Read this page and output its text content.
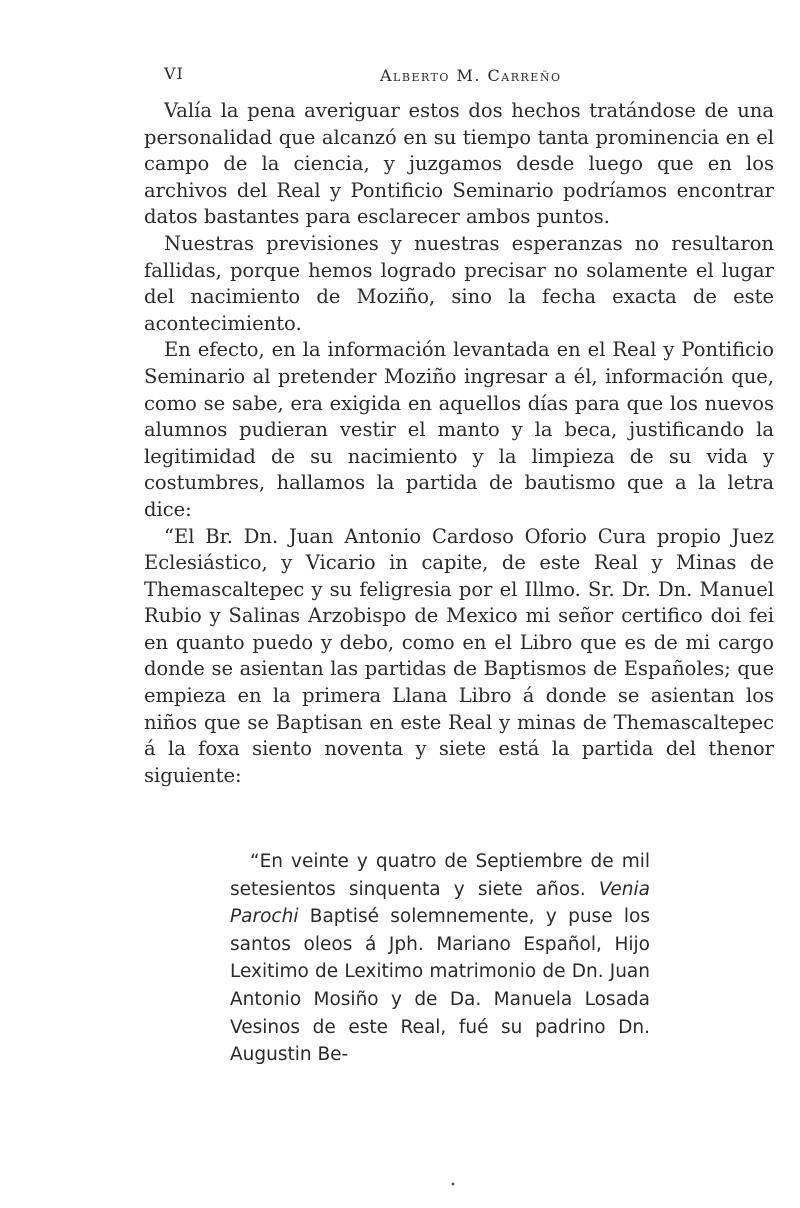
VI	Alberto M. Carreño

Valía la pena averiguar estos dos hechos tratándose de una personalidad que alcanzó en su tiempo tanta prominencia en el campo de la ciencia, y juzgamos desde luego que en los archivos del Real y Pontificio Seminario podríamos encontrar datos bastantes para esclarecer ambos puntos.

Nuestras previsiones y nuestras esperanzas no resultaron fallidas, porque hemos logrado precisar no solamente el lugar del nacimiento de Moziño, sino la fecha exacta de este acontecimiento.

En efecto, en la información levantada en el Real y Pontificio Seminario al pretender Moziño ingresar a él, información que, como se sabe, era exigida en aquellos días para que los nuevos alumnos pudieran vestir el manto y la beca, justificando la legitimidad de su nacimiento y la limpieza de su vida y costumbres, hallamos la partida de bautismo que a la letra dice:

“El Br. Dn. Juan Antonio Cardoso Oforio Cura propio Juez Eclesiástico, y Vicario in capite, de este Real y Minas de Themascaltepec y su feligresia por el Illmo. Sr. Dr. Dn. Manuel Rubio y Salinas Arzobispo de Mexico mi señor certifico doi fei en quanto puedo y debo, como en el Libro que es de mi cargo donde se asientan las partidas de Baptismos de Españoles; que empieza en la primera Llana Libro á donde se asientan los niños que se Baptisan en este Real y minas de Themascaltepec á la foxa siento noventa y siete está la partida del thenor siguiente:

“En veinte y quatro de Septiembre de mil setesientos sinquenta y siete años. Venia Parochi Baptisé solemnemente, y puse los santos oleos á Jph. Mariano Español, Hijo Lexitimo de Lexitimo matrimonio de Dn. Juan Antonio Mosiño y de Da. Manuela Losada Vesinos de este Real, fué su padrino Dn. Augustin Be-

•
